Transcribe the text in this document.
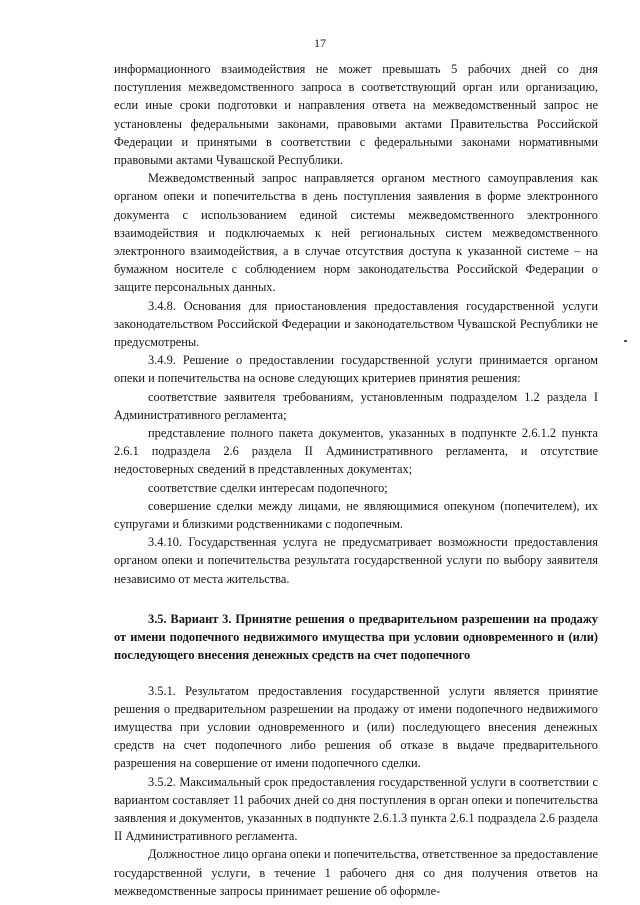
17

информационного взаимодействия не может превышать 5 рабочих дней со дня поступления межведомственного запроса в соответствующий орган или организацию, если иные сроки подготовки и направления ответа на межведомственный запрос не установлены федеральными законами, правовыми актами Правительства Российской Федерации и принятыми в соответствии с федеральными законами нормативными правовыми актами Чувашской Республики.

Межведомственный запрос направляется органом местного самоуправления как органом опеки и попечительства в день поступления заявления в форме электронного документа с использованием единой системы межведомственного электронного взаимодействия и подключаемых к ней региональных систем межведомственного электронного взаимодействия, а в случае отсутствия доступа к указанной системе – на бумажном носителе с соблюдением норм законодательства Российской Федерации о защите персональных данных.

3.4.8. Основания для приостановления предоставления государственной услуги законодательством Российской Федерации и законодательством Чувашской Республики не предусмотрены.

3.4.9. Решение о предоставлении государственной услуги принимается органом опеки и попечительства на основе следующих критериев принятия решения:

соответствие заявителя требованиям, установленным подразделом 1.2 раздела I Административного регламента;

представление полного пакета документов, указанных в подпункте 2.6.1.2 пункта 2.6.1 подраздела 2.6 раздела II Административного регламента, и отсутствие недостоверных сведений в представленных документах;

соответствие сделки интересам подопечного;

совершение сделки между лицами, не являющимися опекуном (попечителем), их супругами и близкими родственниками с подопечным.

3.4.10. Государственная услуга не предусматривает возможности предоставления органом опеки и попечительства результата государственной услуги по выбору заявителя независимо от места жительства.

3.5. Вариант 3. Принятие решения о предварительном разрешении на продажу от имени подопечного недвижимого имущества при условии одновременного и (или) последующего внесения денежных средств на счет подопечного

3.5.1. Результатом предоставления государственной услуги является принятие решения о предварительном разрешении на продажу от имени подопечного недвижимого имущества при условии одновременного и (или) последующего внесения денежных средств на счет подопечного либо решения об отказе в выдаче предварительного разрешения на совершение от имени подопечного сделки.

3.5.2. Максимальный срок предоставления государственной услуги в соответствии с вариантом составляет 11 рабочих дней со дня поступления в орган опеки и попечительства заявления и документов, указанных в подпункте 2.6.1.3 пункта 2.6.1 подраздела 2.6 раздела II Административного регламента.

Должностное лицо органа опеки и попечительства, ответственное за предоставление государственной услуги, в течение 1 рабочего дня со дня получения ответов на межведомственные запросы принимает решение об оформле-
